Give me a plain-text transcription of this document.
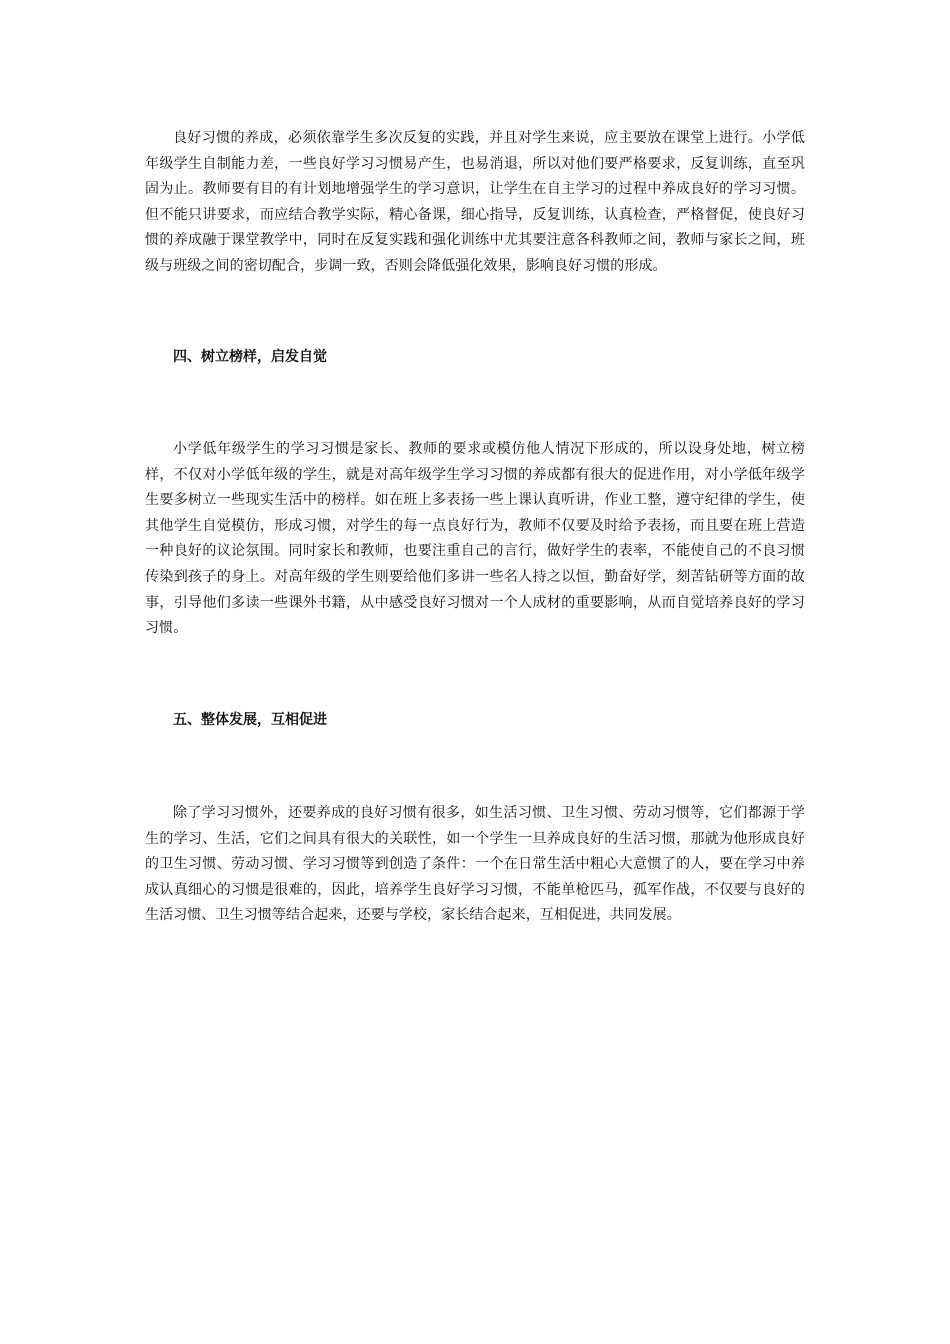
良好习惯的养成，必须依靠学生多次反复的实践，并且对学生来说，应主要放在课堂上进行。小学低年级学生自制能力差，一些良好学习习惯易产生，也易消退，所以对他们要严格要求，反复训练，直至巩固为止。教师要有目的有计划地增强学生的学习意识，让学生在自主学习的过程中养成良好的学习习惯。但不能只讲要求，而应结合教学实际，精心备课，细心指导，反复训练，认真检查，严格督促，使良好习惯的养成融于课堂教学中，同时在反复实践和强化训练中尤其要注意各科教师之间，教师与家长之间，班级与班级之间的密切配合，步调一致，否则会降低强化效果，影响良好习惯的形成。

四、树立榜样，启发自觉

小学低年级学生的学习习惯是家长、教师的要求或模仿他人情况下形成的，所以设身处地，树立榜样，不仅对小学低年级的学生，就是对高年级学生学习习惯的养成都有很大的促进作用，对小学低年级学生要多树立一些现实生活中的榜样。如在班上多表扬一些上课认真听讲，作业工整，遵守纪律的学生，使其他学生自觉模仿，形成习惯，对学生的每一点良好行为，教师不仅要及时给予表扬，而且要在班上营造一种良好的议论氛围。同时家长和教师，也要注重自己的言行，做好学生的表率，不能使自己的不良习惯传染到孩子的身上。对高年级的学生则要给他们多讲一些名人持之以恒，勤奋好学，刻苦钻研等方面的故事，引导他们多读一些课外书籍，从中感受良好习惯对一个人成材的重要影响，从而自觉培养良好的学习习惯。

五、整体发展，互相促进

除了学习习惯外，还要养成的良好习惯有很多，如生活习惯、卫生习惯、劳动习惯等，它们都源于学生的学习、生活，它们之间具有很大的关联性，如一个学生一旦养成良好的生活习惯，那就为他形成良好的卫生习惯、劳动习惯、学习习惯等到创造了条件：一个在日常生活中粗心大意惯了的人，要在学习中养成认真细心的习惯是很难的，因此，培养学生良好学习习惯，不能单枪匹马，孤军作战，不仅要与良好的生活习惯、卫生习惯等结合起来，还要与学校，家长结合起来，互相促进，共同发展。
